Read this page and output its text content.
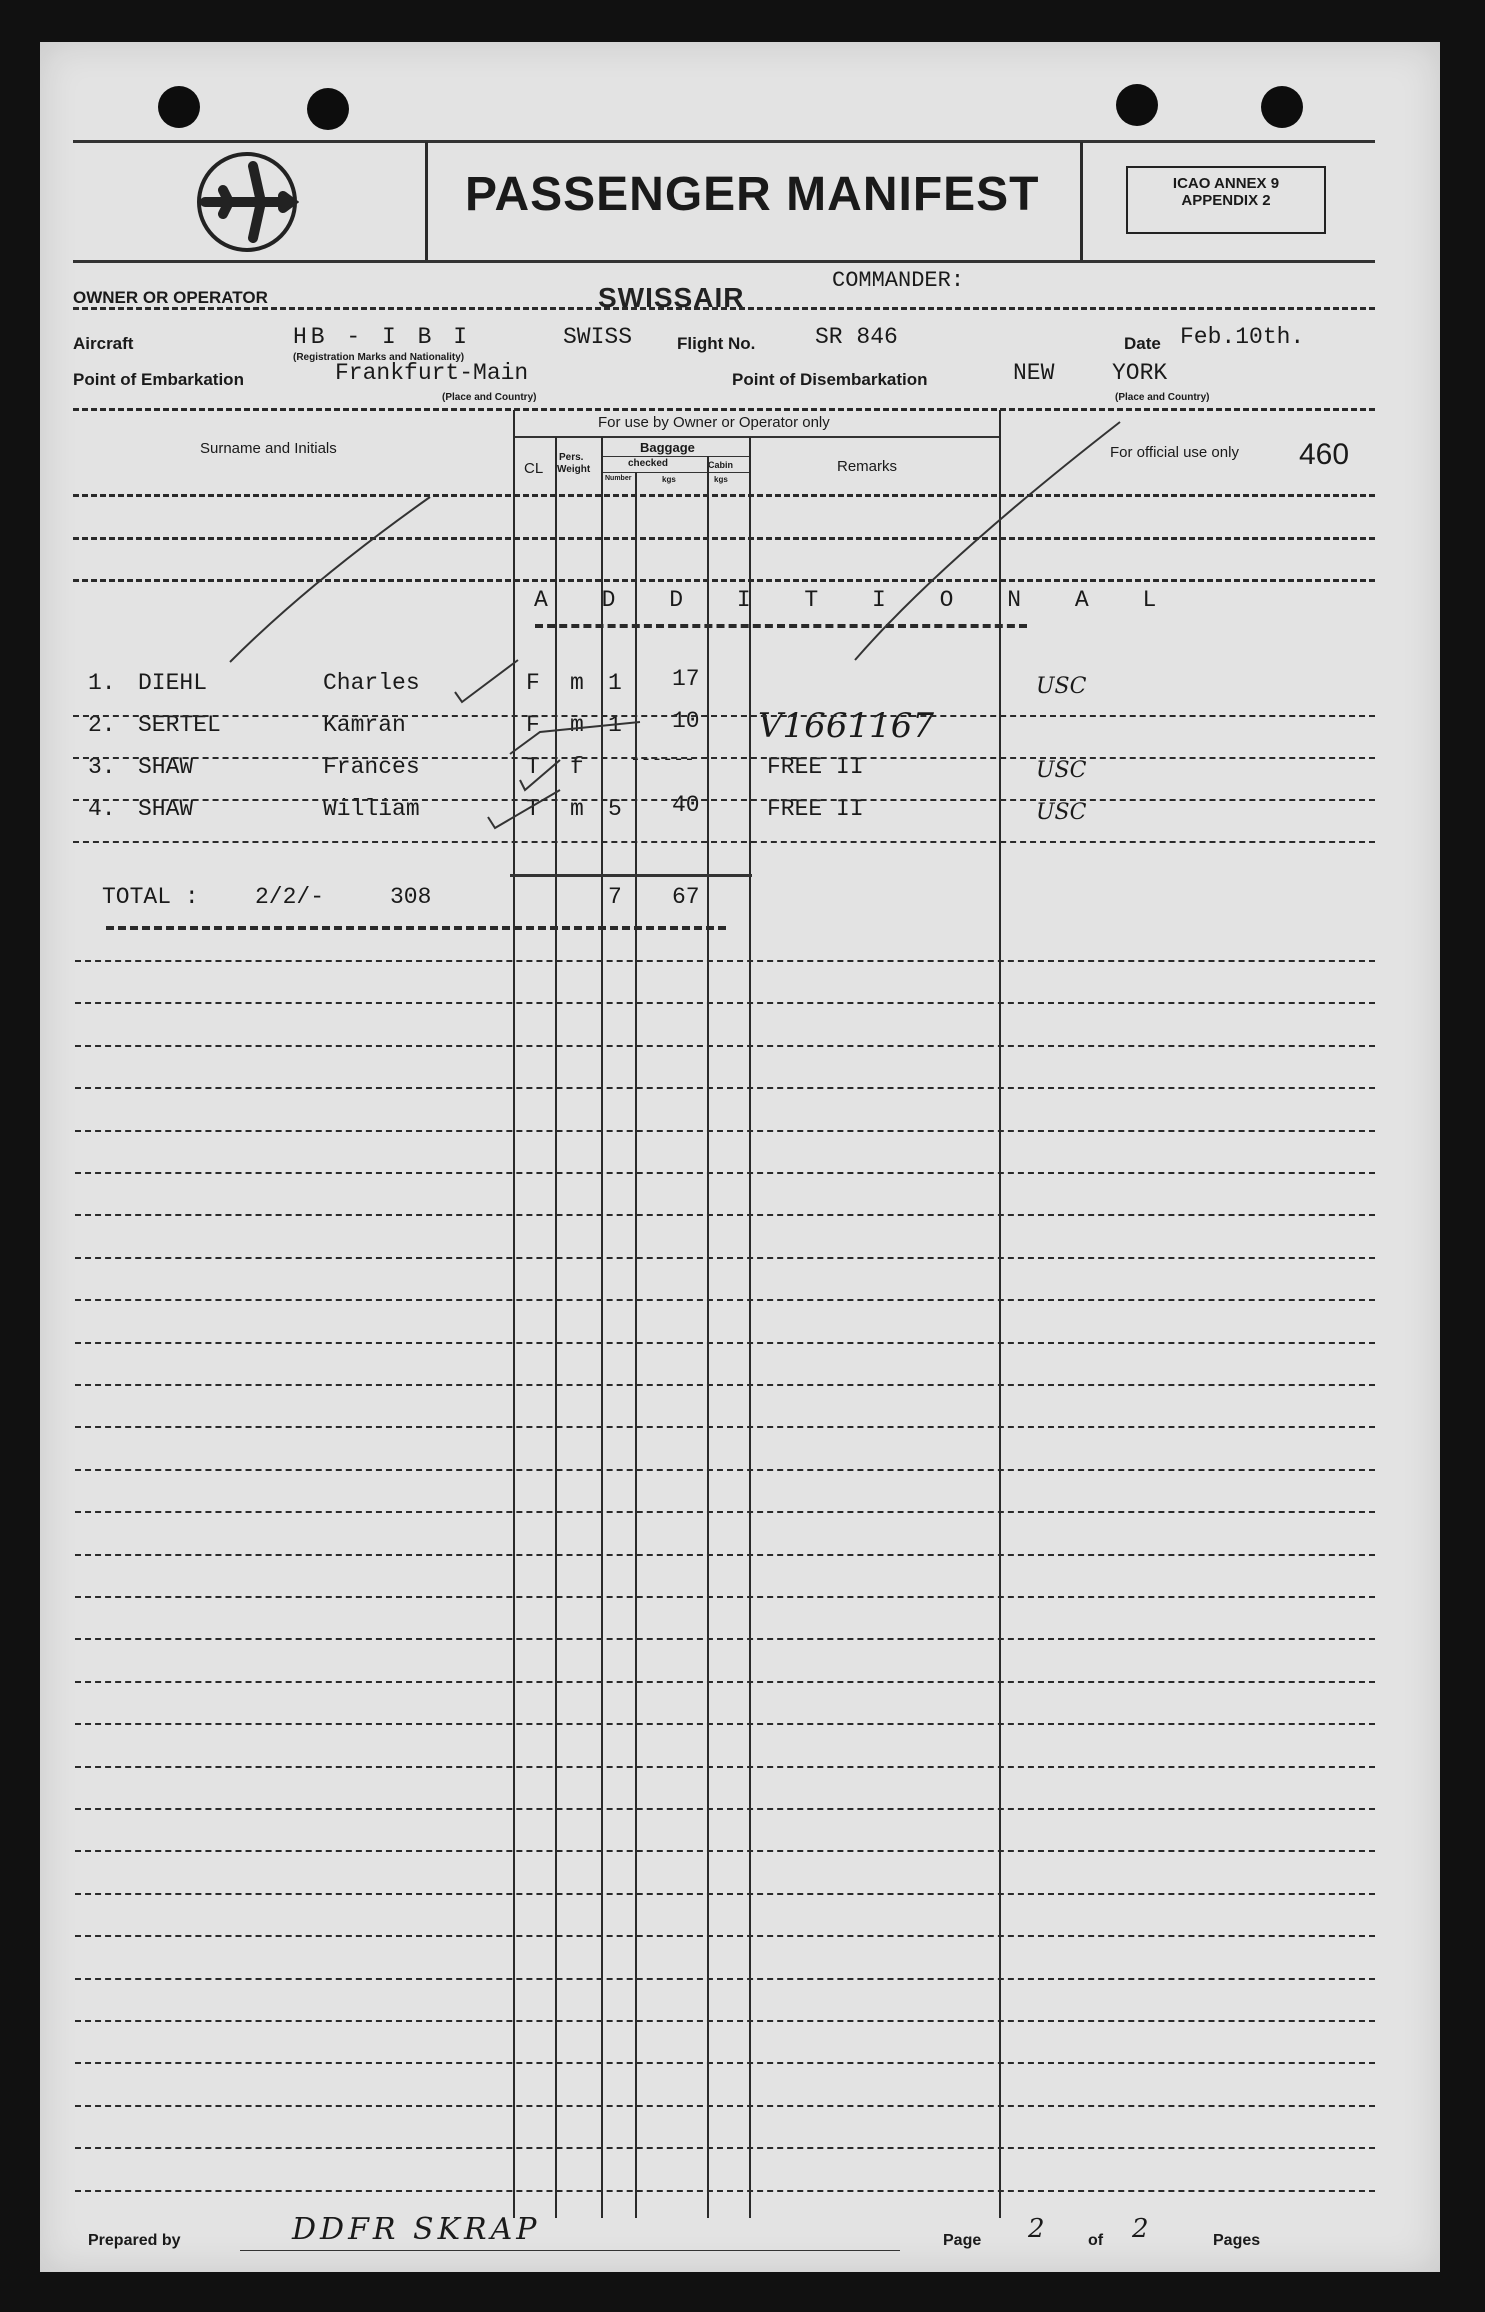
PASSENGER MANIFEST	ICAO ANNEX 9
APPENDIX 2
OWNER OR OPERATOR	SWISSAIR
COMMANDER:
Aircraft	HB - I B I	SWISS
(Registration Marks and Nationality)
Flight No.	SR 846	Date Feb.10th.
Point of Embarkation	Frankfurt-Main
(Place and Country)
Point of Disembarkation	NEW	YORK
(Place and Country)
Surname and Initials
For use by Owner or Operator only
CL
Pers.
Weight
Baggage
checked
Number	kgs
Cabin
kgs
Remarks
For official use only 460
A D D I T I O N A L
1. DIEHL	Charles	F m 1 17	USC
2. SERTEL	Kamran	F m 1 10 V1661167
3. SHAW	Frances	T f	------	FREE II	USC
4. SHAW	William	T m 5 40	FREE II	USC
TOTAL : 2/2/-	308	7 67
Prepared by	DDFR SKRAP	Page 2	of 2	Pages
